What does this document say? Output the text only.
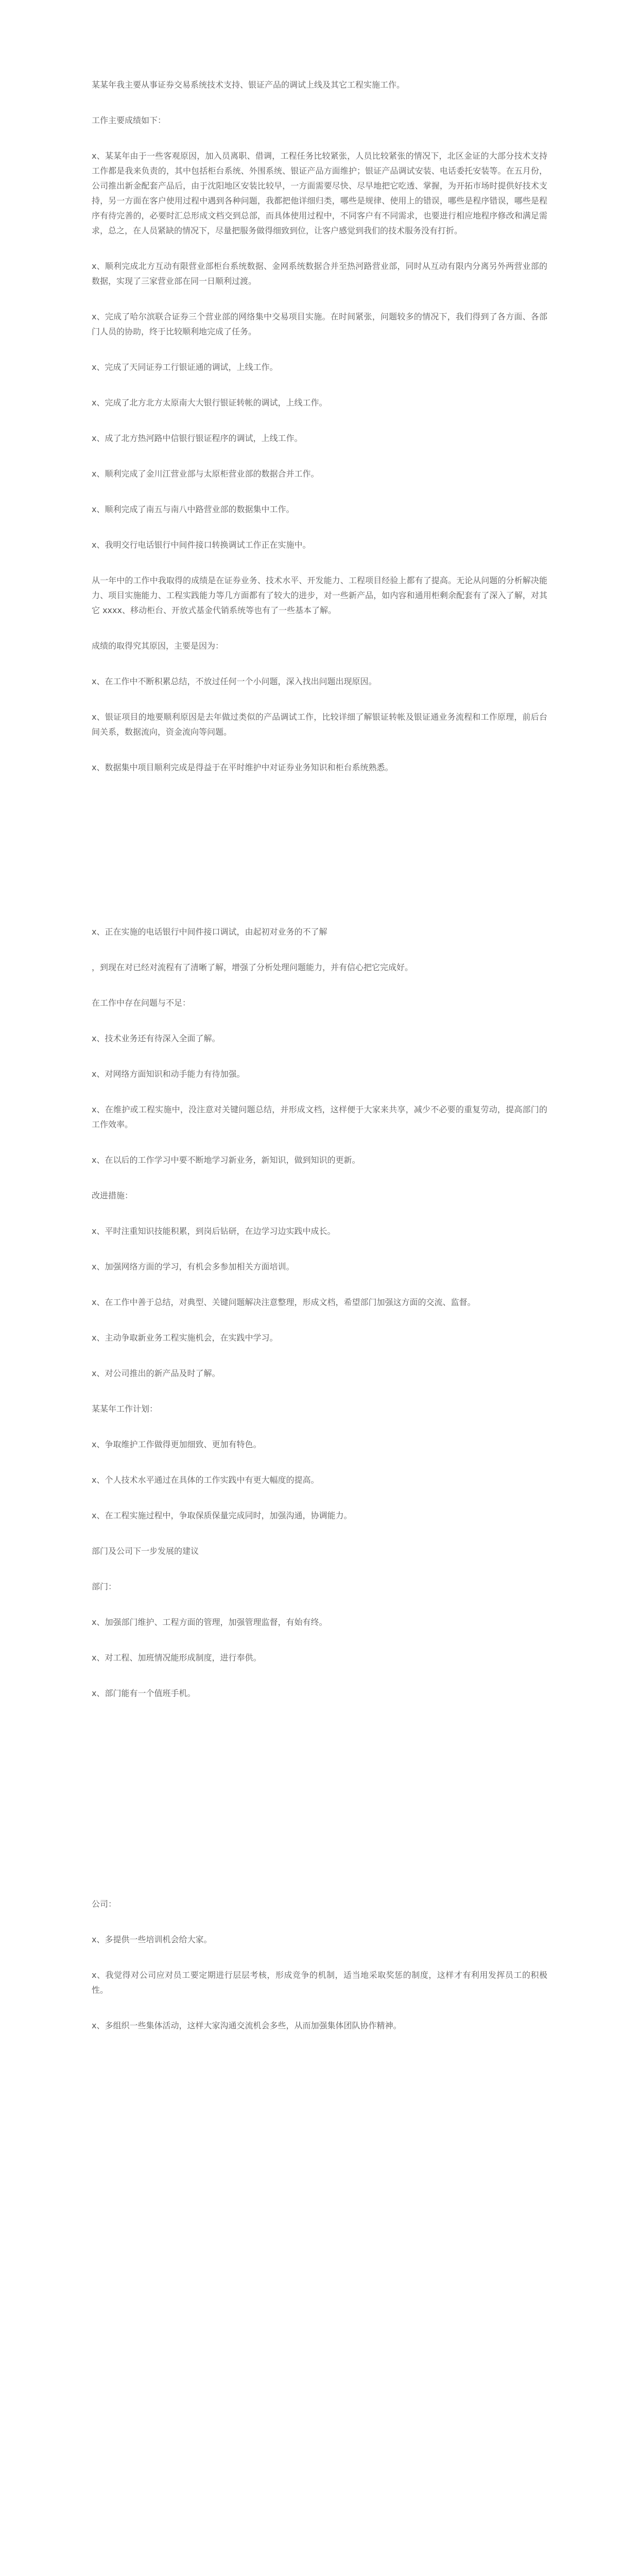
某某年我主要从事证券交易系统技术支持、银证产品的调试上线及其它工程实施工作。

工作主要成绩如下：

x、某某年由于一些客观原因，加入员离职、借调，工程任务比较紧张，人员比较紧张的情况下，北区金证的大部分技术支持工作都是我来负责的，其中包括柜台系统、外围系统、银证产品方面维护；银证产品调试安装、电话委托安装等。在五月份，公司推出新金配套产品后，由于沈阳地区安装比较早，一方面需要尽快、尽早地把它吃透、掌握，为开拓市场时提供好技术支持，另一方面在客户使用过程中遇到各种问题，我都把他详细归类，哪些是规律、使用上的错误，哪些是程序错误，哪些是程序有待完善的，必要时汇总形成文档交到总部，而具体使用过程中，不同客户有不同需求，也要进行相应地程序修改和满足需求，总之，在人员紧缺的情况下，尽量把服务做得细致到位，让客户感觉到我们的技术服务没有打折。

x、顺利完成北方互动有限营业部柜台系统数据、金网系统数据合并至热河路营业部，同时从互动有限内分离另外两营业部的数据，实现了三家营业部在同一日顺利过渡。

x、完成了哈尔滨联合证券三个营业部的网络集中交易项目实施。在时间紧张，问题较多的情况下，我们得到了各方面、各部门人员的协助，终于比较顺利地完成了任务。

x、完成了天同证券工行银证通的调试，上线工作。

x、完成了北方北方太原南大大银行银证转帐的调试，上线工作。

x、成了北方热河路中信银行银证程序的调试，上线工作。

x、顺利完成了金川江营业部与太原柜营业部的数据合并工作。

x、顺利完成了南五与南八中路营业部的数据集中工作。

x、我明交行电话银行中间件接口转换调试工作正在实施中。

从一年中的工作中我取得的成绩是在证券业务、技术水平、开发能力、工程项目经验上都有了提高。无论从问题的分析解决能力、项目实施能力、工程实践能力等几方面都有了较大的进步，对一些新产品，如内容和通用柜剩余配套有了深入了解，对其它 xxxx、移动柜台、开放式基金代销系统等也有了一些基本了解。

成绩的取得究其原因，主要是因为：

x、在工作中不断积累总结，不放过任何一个小问题，深入找出问题出现原因。

x、银证项目的地要顺利原因是去年做过类似的产品调试工作，比较详细了解银证转帐及银证通业务流程和工作原理，前后台间关系，数据流向，资金流向等问题。

x、数据集中项目顺利完成是得益于在平时维护中对证券业务知识和柜台系统熟悉。

x、正在实施的电话银行中间件接口调试，由起初对业务的不了解

，到现在对已经对流程有了清晰了解，增强了分析处理问题能力，并有信心把它完成好。

在工作中存在问题与不足：

x、技术业务还有待深入全面了解。

x、对网络方面知识和动手能力有待加强。

x、在维护或工程实施中，没注意对关键问题总结，并形成文档，这样便于大家来共享，减少不必要的重复劳动，提高部门的工作效率。

x、在以后的工作学习中要不断地学习新业务，新知识，做到知识的更新。

改进措施：

x、平时注重知识技能积累，到岗后钻研，在边学习边实践中成长。

x、加强网络方面的学习，有机会多参加相关方面培训。

x、在工作中善于总结，对典型、关键问题解决注意整理，形成文档，希望部门加强这方面的交流、监督。

x、主动争取新业务工程实施机会，在实践中学习。

x、对公司推出的新产品及时了解。

某某年工作计划：

x、争取维护工作做得更加细致、更加有特色。

x、个人技术水平通过在具体的工作实践中有更大幅度的提高。

x、在工程实施过程中，争取保质保量完成同时，加强沟通，协调能力。

部门及公司下一步发展的建议

部门：

x、加强部门维护、工程方面的管理，加强管理监督，有始有终。

x、对工程、加班情况能形成制度，进行奉供。

x、部门能有一个值班手机。

公司：

x、多提供一些培训机会给大家。

x、我觉得对公司应对员工要定期进行层层考核，形成竞争的机制，适当地采取奖惩的制度，这样才有利用发挥员工的积极性。

x、多组织一些集体活动，这样大家沟通交流机会多些，从而加强集体团队协作精神。
